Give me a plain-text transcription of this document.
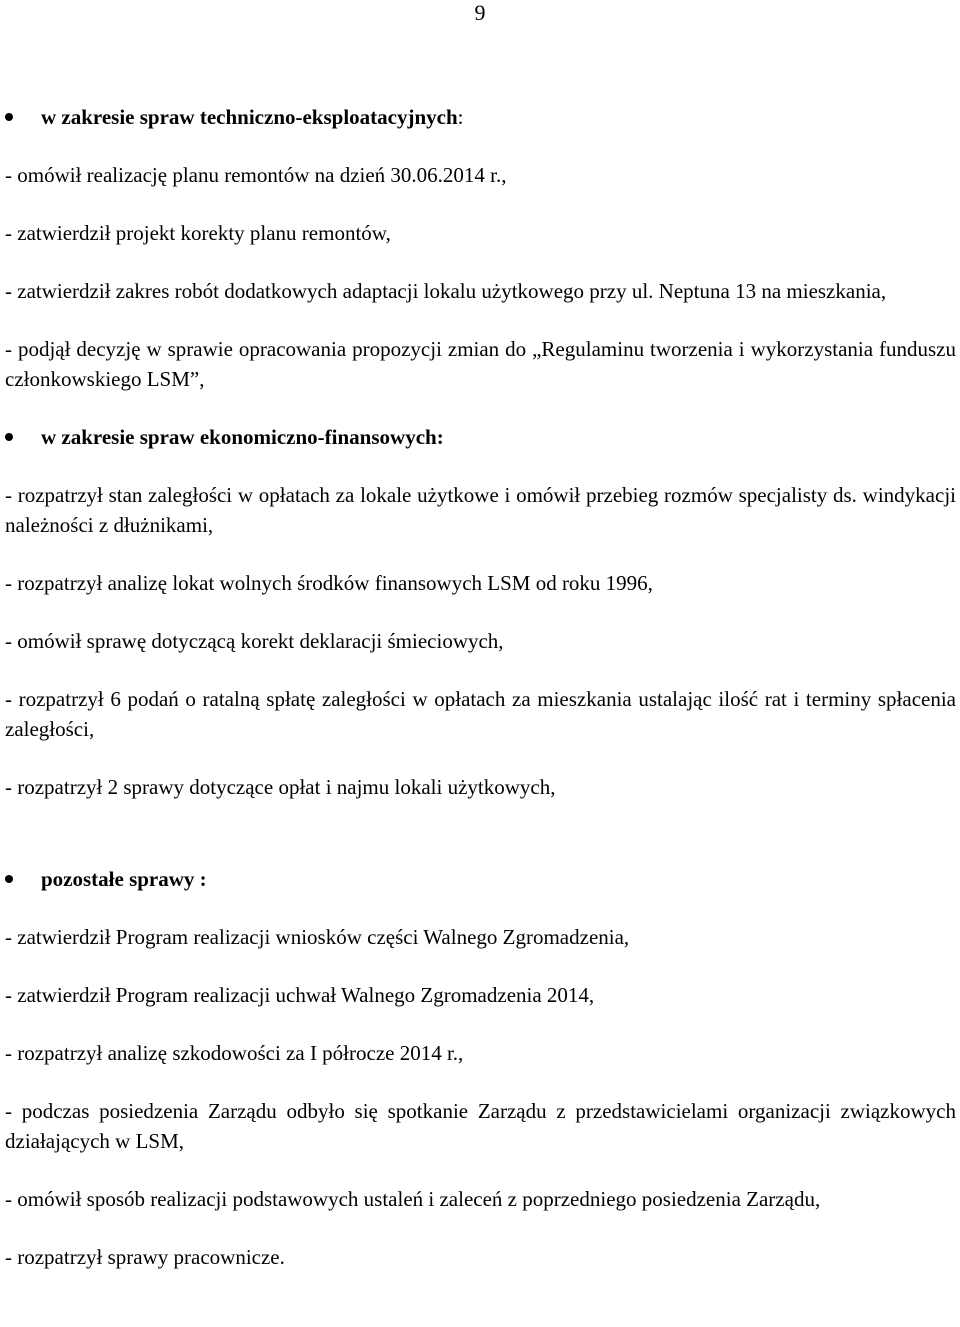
9
w zakresie spraw techniczno-eksploatacyjnych:
- omówił realizację planu remontów na dzień 30.06.2014 r.,
- zatwierdził projekt korekty planu remontów,
- zatwierdził zakres robót dodatkowych adaptacji lokalu użytkowego przy ul. Neptuna 13 na mieszkania,
- podjął decyzję w sprawie opracowania propozycji zmian do „Regulaminu tworzenia i wykorzystania funduszu członkowskiego LSM”,
w zakresie spraw ekonomiczno-finansowych:
- rozpatrzył stan zaległości w opłatach za lokale użytkowe i omówił przebieg rozmów specjalisty ds. windykacji należności z dłużnikami,
- rozpatrzył analizę lokat wolnych środków finansowych LSM od roku 1996,
- omówił sprawę dotyczącą korekt deklaracji śmieciowych,
- rozpatrzył 6 podań o ratalną spłatę zaległości w opłatach za mieszkania ustalając ilość rat i terminy spłacenia zaległości,
- rozpatrzył 2 sprawy dotyczące opłat i najmu lokali użytkowych,
pozostałe sprawy :
- zatwierdził Program realizacji wniosków części Walnego Zgromadzenia,
- zatwierdził Program realizacji uchwał Walnego Zgromadzenia 2014,
- rozpatrzył analizę szkodowości za I półrocze 2014 r.,
- podczas posiedzenia Zarządu odbyło się spotkanie Zarządu z przedstawicielami organizacji związkowych działających w LSM,
- omówił sposób realizacji podstawowych ustaleń i zaleceń z poprzedniego posiedzenia Zarządu,
- rozpatrzył sprawy pracownicze.
